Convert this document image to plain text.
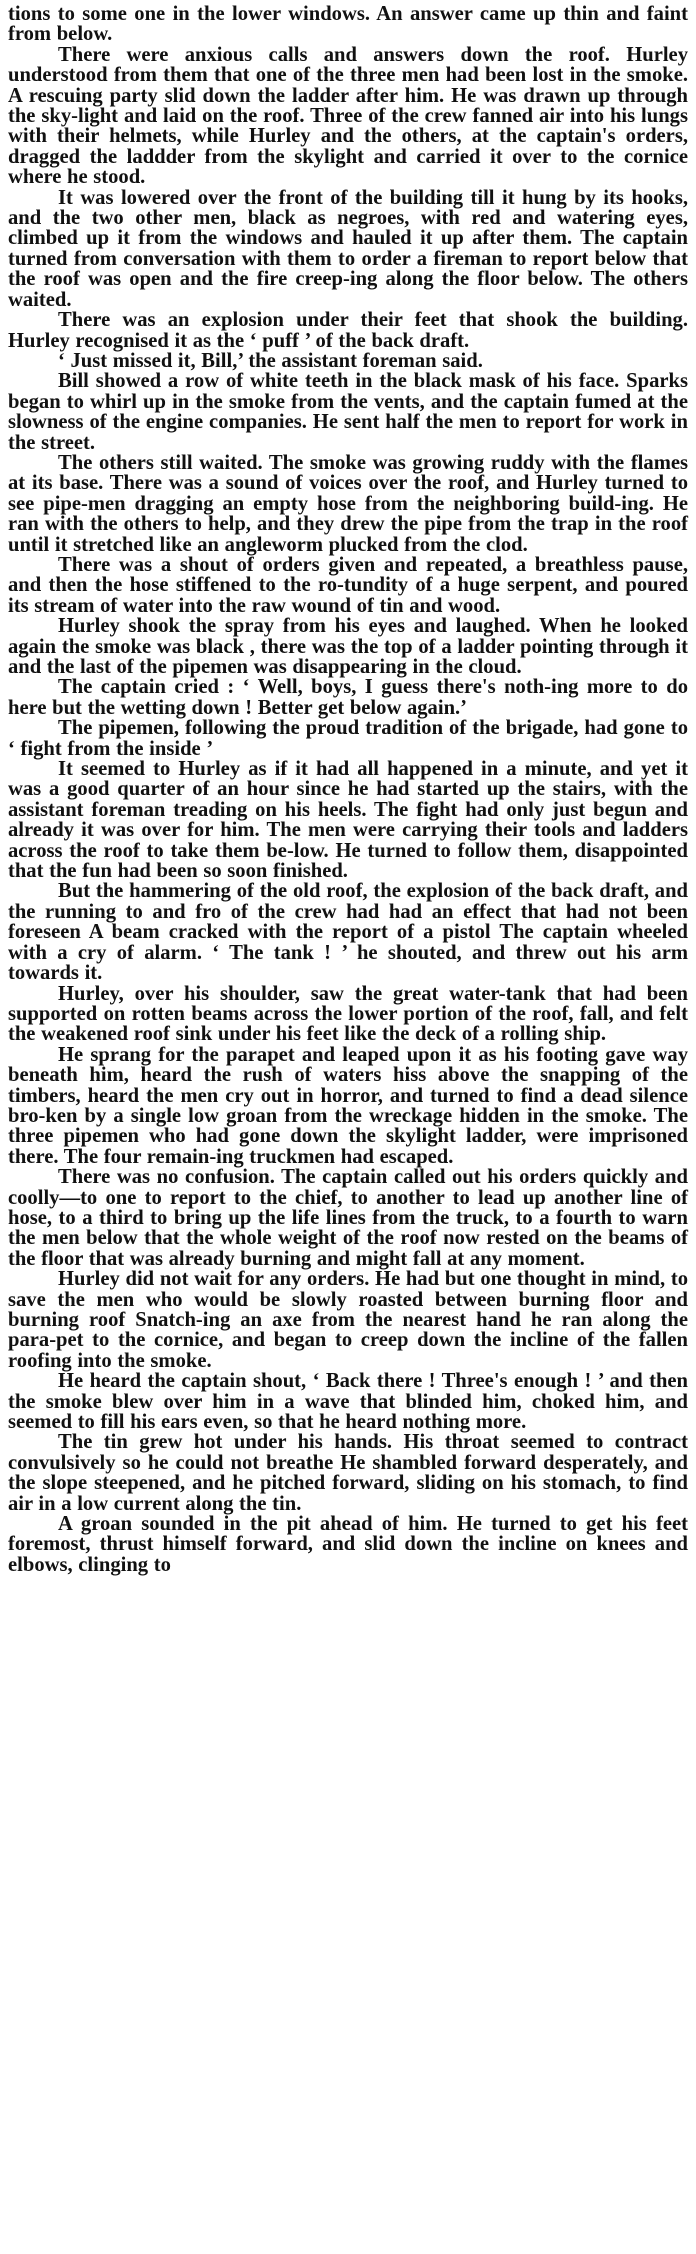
tions to some one in the lower windows. An answer came up thin and faint from below.

There were anxious calls and answers down the roof. Hurley understood from them that one of the three men had been lost in the smoke. A rescuing party slid down the ladder after him. He was drawn up through the sky-light and laid on the roof. Three of the crew fanned air into his lungs with their helmets, while Hurley and the others, at the captain's orders, dragged the laddder from the skylight and carried it over to the cornice where he stood.

It was lowered over the front of the building till it hung by its hooks, and the two other men, black as negroes, with red and watering eyes, climbed up it from the windows and hauled it up after them. The captain turned from conversation with them to order a fireman to report below that the roof was open and the fire creep-ing along the floor below. The others waited.

There was an explosion under their feet that shook the building. Hurley recognised it as the ‘ puff ’ of the back draft.

‘ Just missed it, Bill,’ the assistant foreman said.

Bill showed a row of white teeth in the black mask of his face. Sparks began to whirl up in the smoke from the vents, and the captain fumed at the slowness of the engine companies. He sent half the men to report for work in the street.

The others still waited. The smoke was growing ruddy with the flames at its base. There was a sound of voices over the roof, and Hurley turned to see pipe-men dragging an empty hose from the neighboring build-ing. He ran with the others to help, and they drew the pipe from the trap in the roof until it stretched like an angleworm plucked from the clod.

There was a shout of orders given and repeated, a breathless pause, and then the hose stiffened to the ro-tundity of a huge serpent, and poured its stream of water into the raw wound of tin and wood.

Hurley shook the spray from his eyes and laughed. When he looked again the smoke was black , there was the top of a ladder pointing through it and the last of the pipemen was disappearing in the cloud.

The captain cried : ‘ Well, boys, I guess there's noth-ing more to do here but the wetting down ! Better get below again.’

The pipemen, following the proud tradition of the brigade, had gone to ‘ fight from the inside ’

It seemed to Hurley as if it had all happened in a minute, and yet it was a good quarter of an hour since he had started up the stairs, with the assistant foreman treading on his heels. The fight had only just begun and already it was over for him. The men were carrying their tools and ladders across the roof to take them be-low. He turned to follow them, disappointed that the fun had been so soon finished.

But the hammering of the old roof, the explosion of the back draft, and the running to and fro of the crew had had an effect that had not been foreseen A beam cracked with the report of a pistol The captain wheeled with a cry of alarm. ‘ The tank ! ’ he shouted, and threw out his arm towards it.

Hurley, over his shoulder, saw the great water-tank that had been supported on rotten beams across the lower portion of the roof, fall, and felt the weakened roof sink under his feet like the deck of a rolling ship.

He sprang for the parapet and leaped upon it as his footing gave way beneath him, heard the rush of waters hiss above the snapping of the timbers, heard the men cry out in horror, and turned to find a dead silence bro-ken by a single low groan from the wreckage hidden in the smoke. The three pipemen who had gone down the skylight ladder, were imprisoned there. The four remain-ing truckmen had escaped.

There was no confusion. The captain called out his orders quickly and coolly—to one to report to the chief, to another to lead up another line of hose, to a third to bring up the life lines from the truck, to a fourth to warn the men below that the whole weight of the roof now rested on the beams of the floor that was already burning and might fall at any moment.

Hurley did not wait for any orders. He had but one thought in mind, to save the men who would be slowly roasted between burning floor and burning roof Snatch-ing an axe from the nearest hand he ran along the para-pet to the cornice, and began to creep down the incline of the fallen roofing into the smoke.

He heard the captain shout, ‘ Back there ! Three's enough ! ’ and then the smoke blew over him in a wave that blinded him, choked him, and seemed to fill his ears even, so that he heard nothing more.

The tin grew hot under his hands. His throat seemed to contract convulsively so he could not breathe He shambled forward desperately, and the slope steepened, and he pitched forward, sliding on his stomach, to find air in a low current along the tin.

A groan sounded in the pit ahead of him. He turned to get his feet foremost, thrust himself forward, and slid down the incline on knees and elbows, clinging to
